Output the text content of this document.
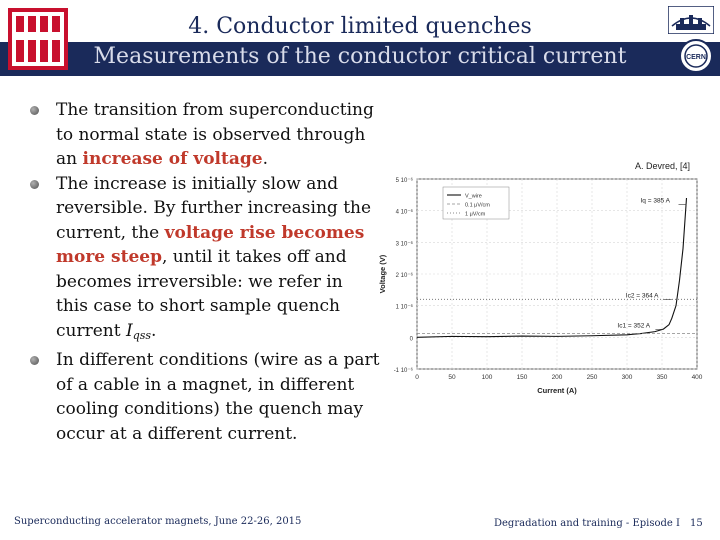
4. Conductor limited quenches
Measurements of the conductor critical current	CERN
The transition from superconducting to normal state is observed through an increase of voltage.
The increase is initially slow and reversible. By further increasing the current, the voltage rise becomes more steep, until it takes off and becomes irreversible: we refer in this case to short sample quench current $I_{qss}$.
In different conditions (wire as a part of a cable in a magnet, in different cooling conditions) the quench may occur at a different current.
A. Devred, [4]
-1 10⁻⁶
0
1 10⁻⁶
2 10⁻⁶
3 10⁻⁶
4 10⁻⁶
5 10⁻⁶
0	50	100	150	200	250	300	350	400
Current (A)
Voltage (V)
V_wire
0.1 μV/cm
1 μV/cm
Iq = 385 A
Ic2 = 364 A
Ic1 = 352 A
Superconducting accelerator magnets, June 22-26, 2015	Degradation and training - Episode I 15
